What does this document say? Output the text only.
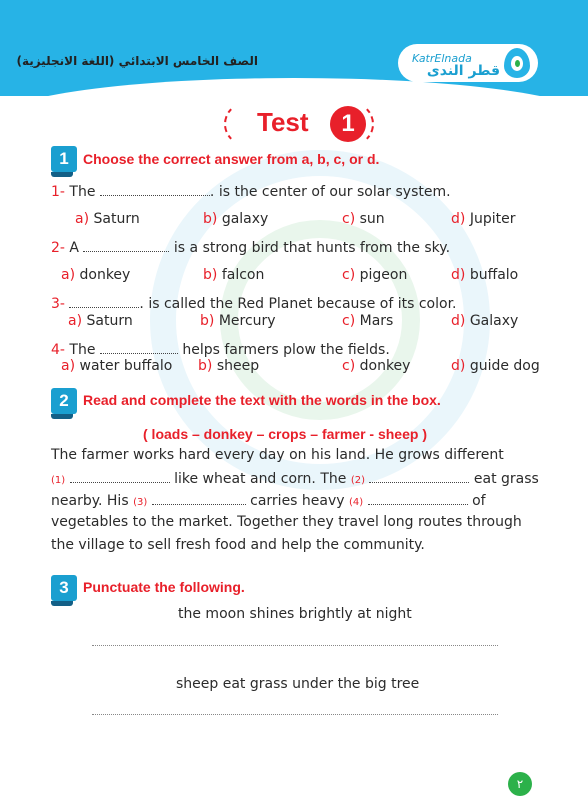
الصف الخامس الابتدائي (اللغة الانجليزية)	KatrElnada
قطر الندى
Test	1
1	Choose the correct answer from a, b, c, or d.
1- The	. is the center of our solar system.
a) Saturn	b) galaxy	c) sun	d) Jupiter
2- A	is a strong bird that hunts from the sky.
a) donkey	b) falcon	c) pigeon	d) buffalo
3-	. is called the Red Planet because of its color.
a) Saturn	b) Mercury	c) Mars	d) Galaxy
4- The	helps farmers plow the fields.
a) water buffalo b) sheep	c) donkey	d) guide dog
2	Read and complete the text with the words in the box.
( loads – donkey – crops – farmer - sheep )
The farmer works hard every day on his land. He grows different
(1)	like wheat and corn. The (2)	eat grass
nearby. His (3)	carries heavy (4)	of
vegetables to the market. Together they travel long routes through
the village to sell fresh food and help the community.
3	Punctuate the following.
the moon shines brightly at night
sheep eat grass under the big tree
٢
